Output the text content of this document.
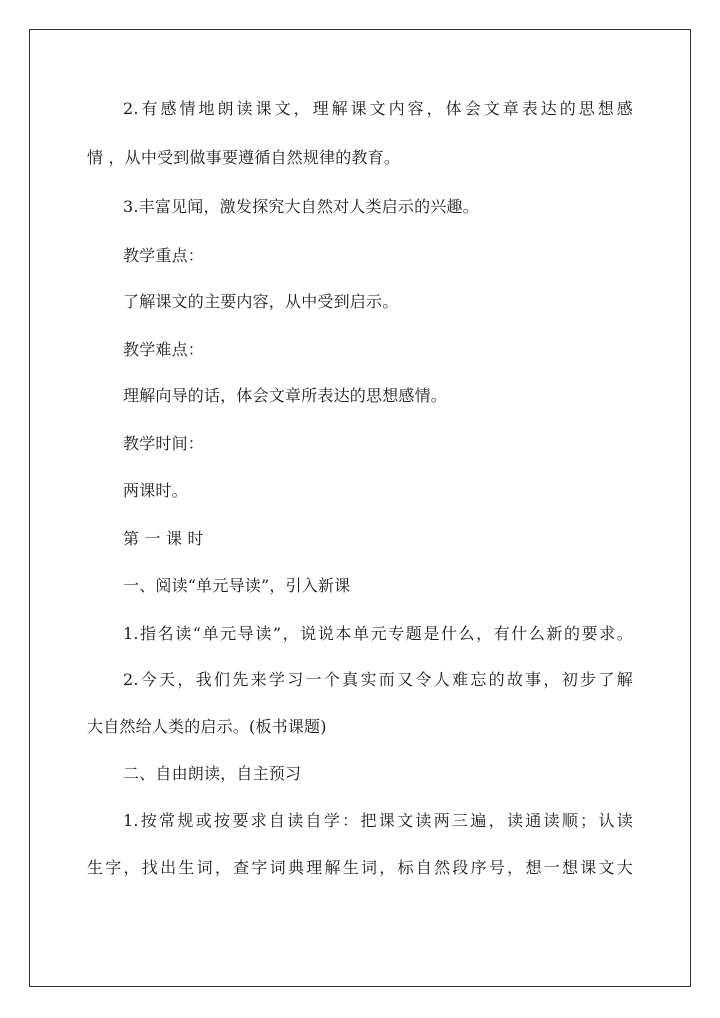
2.有感情地朗读课文，理解课文内容，体会文章表达的思想感
情 ，从中受到做事要遵循自然规律的教育。
3.丰富见闻，激发探究大自然对人类启示的兴趣。
教学重点：
了解课文的主要内容，从中受到启示。
教学难点：
理解向导的话，体会文章所表达的思想感情。
教学时间：
两课时。
第 一 课 时
一、阅读“单元导读”，引入新课
1.指名读“单元导读”，说说本单元专题是什么，有什么新的要求。
2.今天，我们先来学习一个真实而又令人难忘的故事，初步了解
大自然给人类的启示。(板书课题)
二、自由朗读，自主预习
1.按常规或按要求自读自学：把课文读两三遍，读通读顺；认读
生字，找出生词，查字词典理解生词，标自然段序号，想一想课文大
